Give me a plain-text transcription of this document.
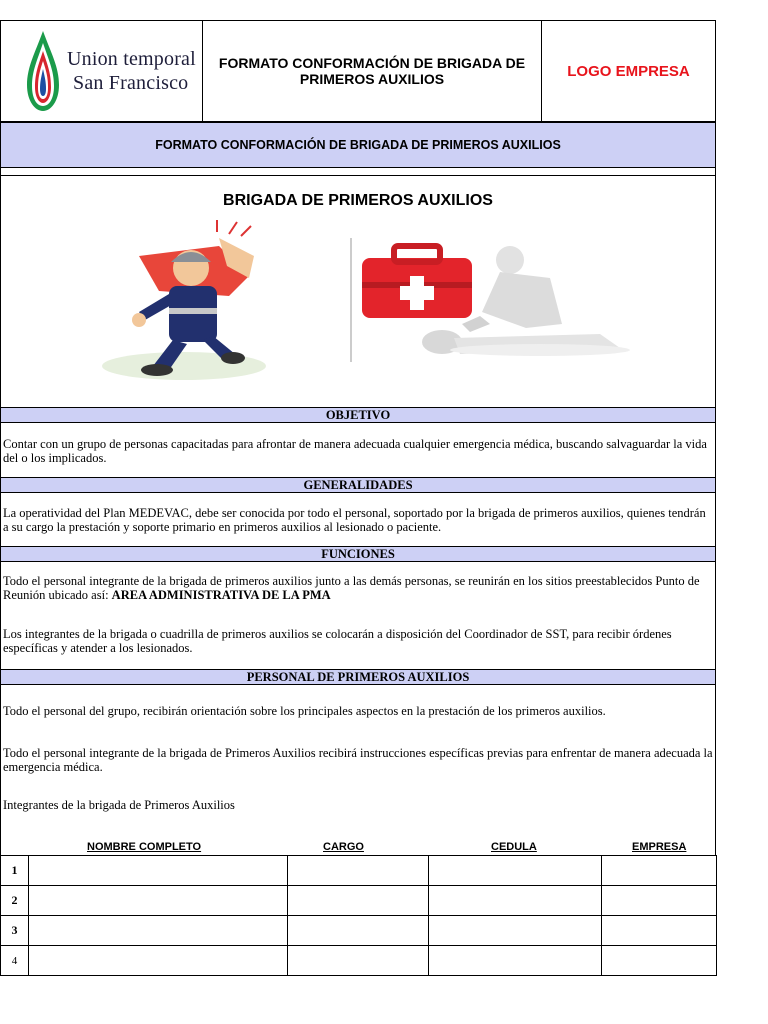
Union temporal
San Francisco
FORMATO CONFORMACIÓN DE BRIGADA DE PRIMEROS AUXILIOS	LOGO EMPRESA
FORMATO CONFORMACIÓN DE BRIGADA DE PRIMEROS AUXILIOS
BRIGADA DE PRIMEROS AUXILIOS
OBJETIVO

Contar con un grupo de personas capacitadas para afrontar de manera adecuada cualquier emergencia médica, buscando salvaguardar la vida del o los implicados.

GENERALIDADES

La operatividad del Plan MEDEVAC, debe ser conocida por todo el personal, soportado por la brigada de primeros auxilios, quienes tendrán a su cargo la prestación y soporte primario en primeros auxilios al lesionado o paciente.

FUNCIONES

Todo el personal integrante de la brigada de primeros auxilios junto a las demás personas, se reunirán en los sitios preestablecidos Punto de Reunión ubicado así: AREA ADMINISTRATIVA DE LA PMA

Los integrantes de la brigada o cuadrilla de primeros auxilios se colocarán a disposición del Coordinador de SST, para recibir órdenes específicas y atender a los lesionados.

PERSONAL DE PRIMEROS AUXILIOS

Todo el personal del grupo, recibirán orientación sobre los principales aspectos en la prestación de los primeros auxilios.

Todo el personal integrante de la brigada de Primeros Auxilios recibirá instrucciones específicas previas para enfrentar de manera adecuada la emergencia médica.

Integrantes de la brigada de Primeros Auxilios

NOMBRE COMPLETO	CARGO	CEDULA	EMPRESA
1				
2				
3				
4				
